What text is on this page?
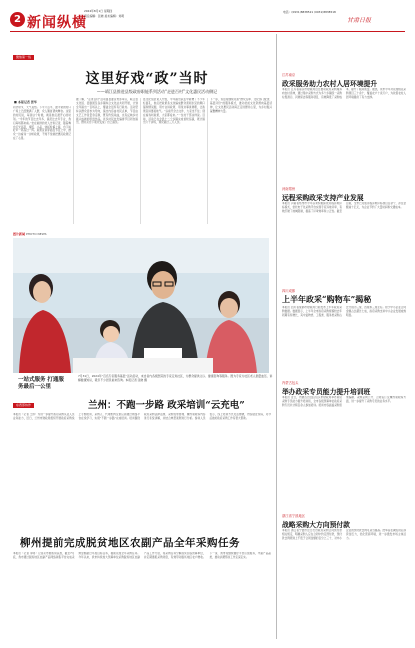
2 新闻纵横
2024年8月1日 星期四
责任编辑：张晓 美术编辑：刘萌
电话：(0931)8838521 (0931)8838518
甘肃日报
聚焦第一线
这里好戏“政”当时
——靖江县推进县级政府职能系列活动“走进百村”文化惠民活动侧记
■ 本报记者 张华
初伏时节，天气炎热。下午六点半，最平常的村口广场上已经聚满了人群，众人翘首望向舞台。这里的村民说，每到这个时候，就是他们最开心的时刻。“今年的节目比去年多，演员比去年专业，我们每场都来看。”坐在前排的老人告诉记者，随着舞台灯光亮起，秦腔、小品、快板轮番上演，台下叫好声一阵高过一阵。政策宣讲穿插在节目之中，群众一边看戏一边听政策，不知不觉就把惠民政策记在了心里。
据了解，“走进百村”活动由县委宣传部牵头，联合县文化馆、县剧团及各乡镇综合文化站共同开展，计划全年演出一百场以上，覆盖全县所有行政村。活动坚持以群众需求为导向，演出内容由村民点单，节目由文艺工作者量身定制，既有传统戏曲，也有反映乡村振兴成就的原创作品。许多村民自发编排节目同台演出，群众从台下观众变成了台上演员。
县文化馆负责人介绍，今年演出队伍中新增了不少年轻面孔，他们把政策条文改编成群众喜闻乐见的顺口溜和情景剧，用方言讲政策、用身边事讲道理，让政策宣讲更接地气。“以前开会念文件，大家坐不住；现在看戏听政策，大家都爱来。”一位村干部这样说。目前，活动已在全县十二个乡镇完成首轮巡演，累计演出六十余场，观众超过三万人次。
下一步，该县将继续完善“群众点单、文化部门配送、基层评价”的服务模式，推动优质文化资源向基层延伸，让文化惠民活动真正走进群众心里，为乡村振兴凝聚精神力量。
图片新闻 PHOTO NEWS
一站式服务 打通服务最后一公里
7月31日，2024年“百名专家服务基层”活动启动，来自省内各级医院的专家走进社区，为群众提供义诊、健康咨询等服务。图为专家为社区老人测量血压、讲解健康知识，吸引不少居民前来咨询。本报记者 张晓 摄
东西部协作	兰州：不跑一步路 政采培训“云充电”
本报讯（记者 王伟）为进一步提升政府采购从业人员业务能力，近日，兰州市财政局组织开展政府采购线上专题培训，采购人、代理机构及供应商通过网络平台在线学习，实现“不跑一步路”完成培训。培训围绕政府采购法律法规、采购需求管理、履约验收等内容进行系统讲解，并结合典型案例进行分析。参训人员表示，线上培训方式灵活便捷，内容贴近实际，对今后做好政府采购工作有很大帮助。
柳州提前完成脱贫地区农副产品全年采购任务
本报讯（记者 李明）记者从市财政局获悉，截至7月底，我市通过脱贫地区农副产品网络销售平台完成采购金额超过年度目标任务，提前完成全年采购任务。今年以来，我市持续加大预算单位采购脱贫地区农副产品工作力度，将采购任务分解落实到各预算单位，并定期通报采购进度，有效带动脱贫地区农户增收。下一步，我市将继续做好平台运营服务，丰富产品品类，推动消费帮扶工作走深走实。
江苏南京
政采服务助力农村人居环境提升
本报讯 江苏省南京市财政局近日推动政府采购服务向农村延伸，通过集中采购方式为多个乡镇统一采购垃圾清运、河道保洁等服务项目，有效降低了采购成本，提升了服务质量。据悉，该市今年共完成相关采购项目三十余个，覆盖农户十余万户，为改善农村人居环境提供了有力支撑。
河南郑州
远程采购政采支持产业发展
本报讯 河南省郑州市今年以来积极探索远程异地评标模式，依托电子化采购平台实现专家异地评审，有效打破了地域限制，提高了评审效率和公正性。截至目前，全市已完成远程异地评标项目百余个，涉及金额逾十亿元，为企业节约了大量时间和交通成本。
四川成都
上半年政采“购物车”揭秘
本报讯 四川省成都市财政局日前发布上半年政府采购数据。数据显示，上半年全市政府采购规模较去年同期有所增长，其中货物类、工程类、服务类采购占比分别为三成、四成和三成左右。授予中小企业合同金额占比超过七成，政府采购支持中小企业发展成效明显。
内蒙古包头
举办政采专员能力提升培训班
本报讯 近日，内蒙古自治区包头市财政局举办政府采购专员能力提升培训班，全市各级预算单位政府采购专员共计两百余人参加培训。培训内容涵盖采购需求编制、采购意向公开、合同签订及履约验收等方面，进一步提升了采购专员的业务水平。
浙江省宁波地区
战略采购大方向预付款
本报讯 浙江省宁波市近日出台政府采购合同预付款相关规定，明确采购人应在合同中约定预付款，预付款比例原则上不低于合同金额的百分之三十，对中小企业的预付款比例可适当提高。此举旨在减轻供应商资金压力，优化营商环境，进一步激发市场主体活力。
